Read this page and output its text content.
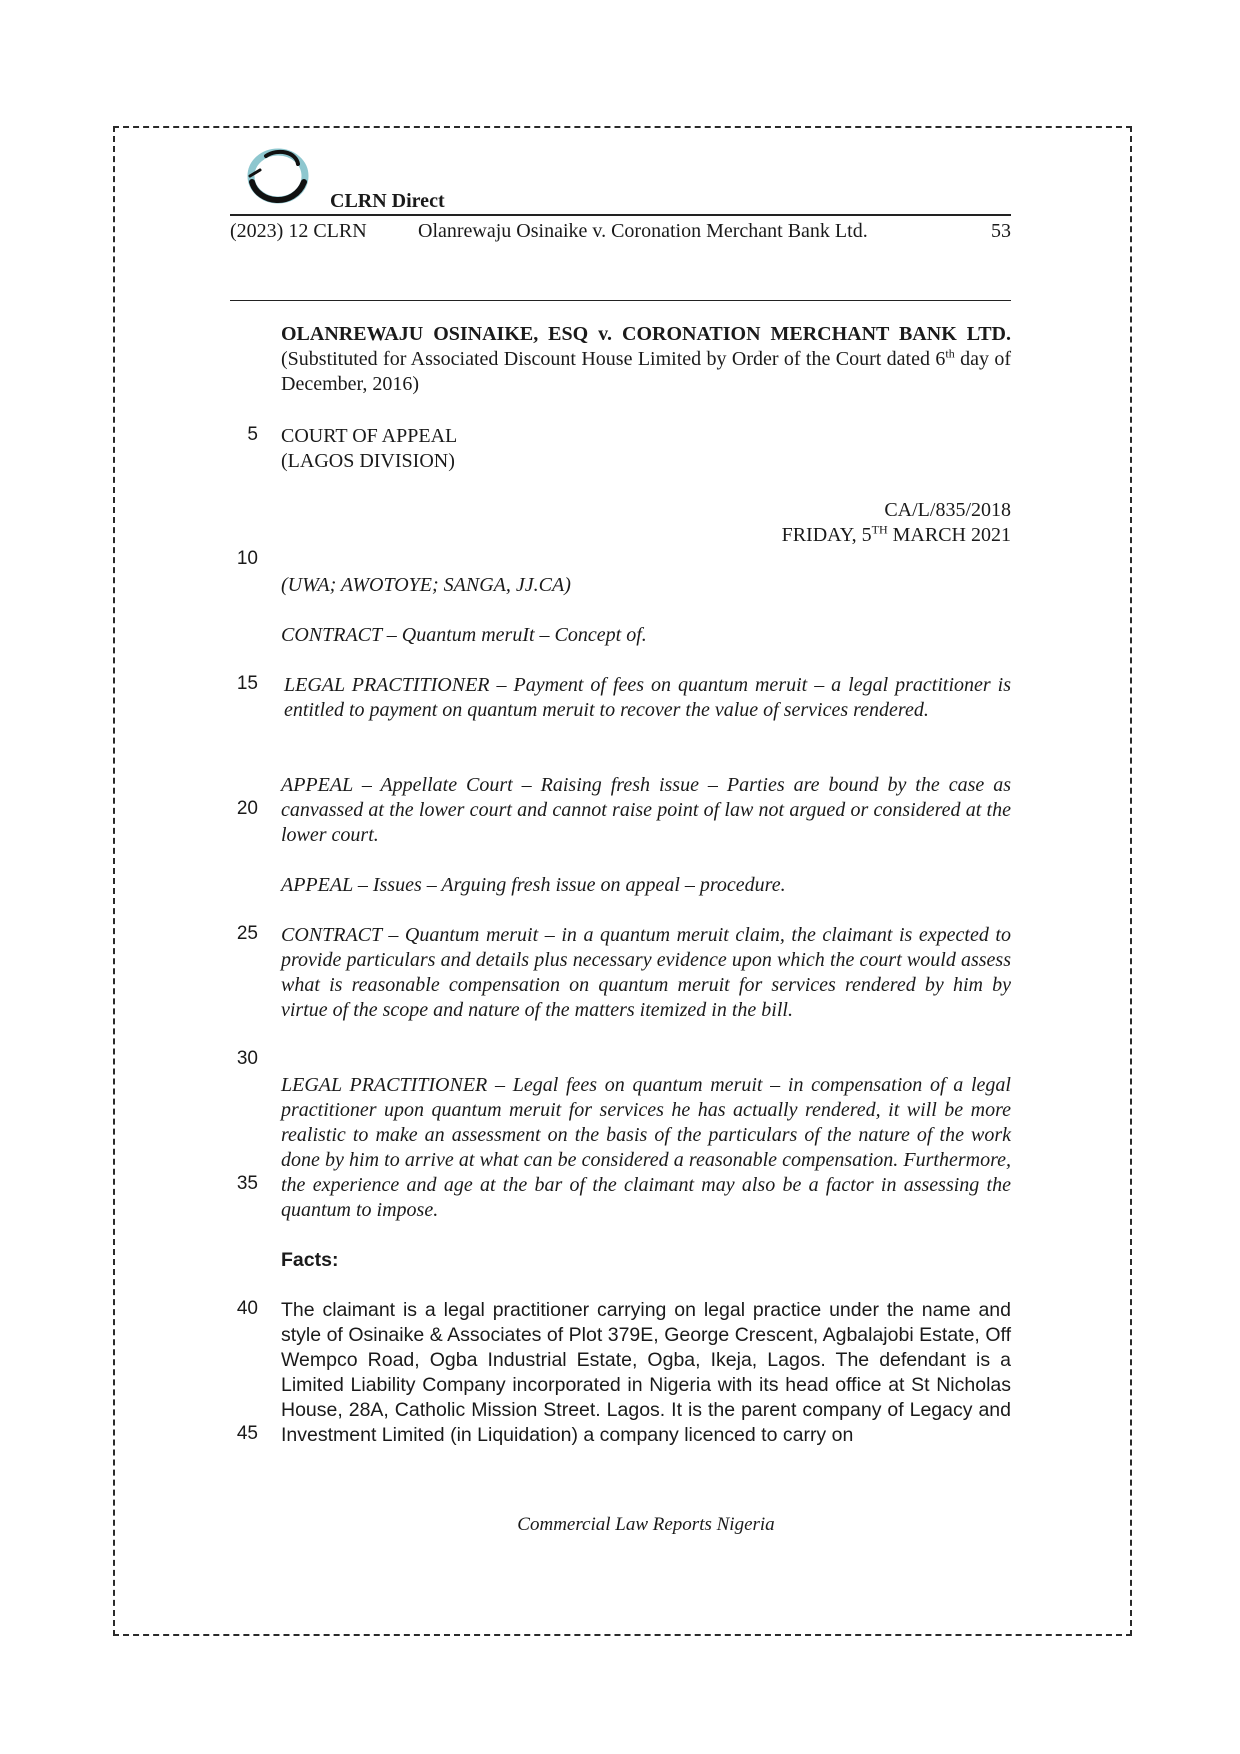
CLRN Direct
(2023) 12 CLRN	Olanrewaju Osinaike v. Coronation Merchant Bank Ltd.	53
OLANREWAJU OSINAIKE, ESQ v. CORONATION MERCHANT BANK LTD. (Substituted for Associated Discount House Limited by Order of the Court dated 6th day of December, 2016)
COURT OF APPEAL
(LAGOS DIVISION)
CA/L/835/2018
FRIDAY, 5TH MARCH 2021
(UWA; AWOTOYE; SANGA, JJ.CA)
CONTRACT – Quantum meruIt – Concept of.
LEGAL PRACTITIONER – Payment of fees on quantum meruit – a legal practitioner is entitled to payment on quantum meruit to recover the value of services rendered.
APPEAL – Appellate Court – Raising fresh issue – Parties are bound by the case as canvassed at the lower court and cannot raise point of law not argued or considered at the lower court.
APPEAL – Issues – Arguing fresh issue on appeal – procedure.
CONTRACT – Quantum meruit – in a quantum meruit claim, the claimant is expected to provide particulars and details plus necessary evidence upon which the court would assess what is reasonable compensation on quantum meruit for services rendered by him by virtue of the scope and nature of the matters itemized in the bill.
LEGAL PRACTITIONER – Legal fees on quantum meruit – in compensation of a legal practitioner upon quantum meruit for services he has actually rendered, it will be more realistic to make an assessment on the basis of the particulars of the nature of the work done by him to arrive at what can be considered a reasonable compensation. Furthermore, the experience and age at the bar of the claimant may also be a factor in assessing the quantum to impose.
Facts:
The claimant is a legal practitioner carrying on legal practice under the name and style of Osinaike & Associates of Plot 379E, George Crescent, Agbalajobi Estate, Off Wempco Road, Ogba Industrial Estate, Ogba, Ikeja, Lagos. The defendant is a Limited Liability Company incorporated in Nigeria with its head office at St Nicholas House, 28A, Catholic Mission Street. Lagos. It is the parent company of Legacy and Investment Limited (in Liquidation) a company licenced to carry on
5
10
15
20
25
30
35
40
45
Commercial Law Reports Nigeria
